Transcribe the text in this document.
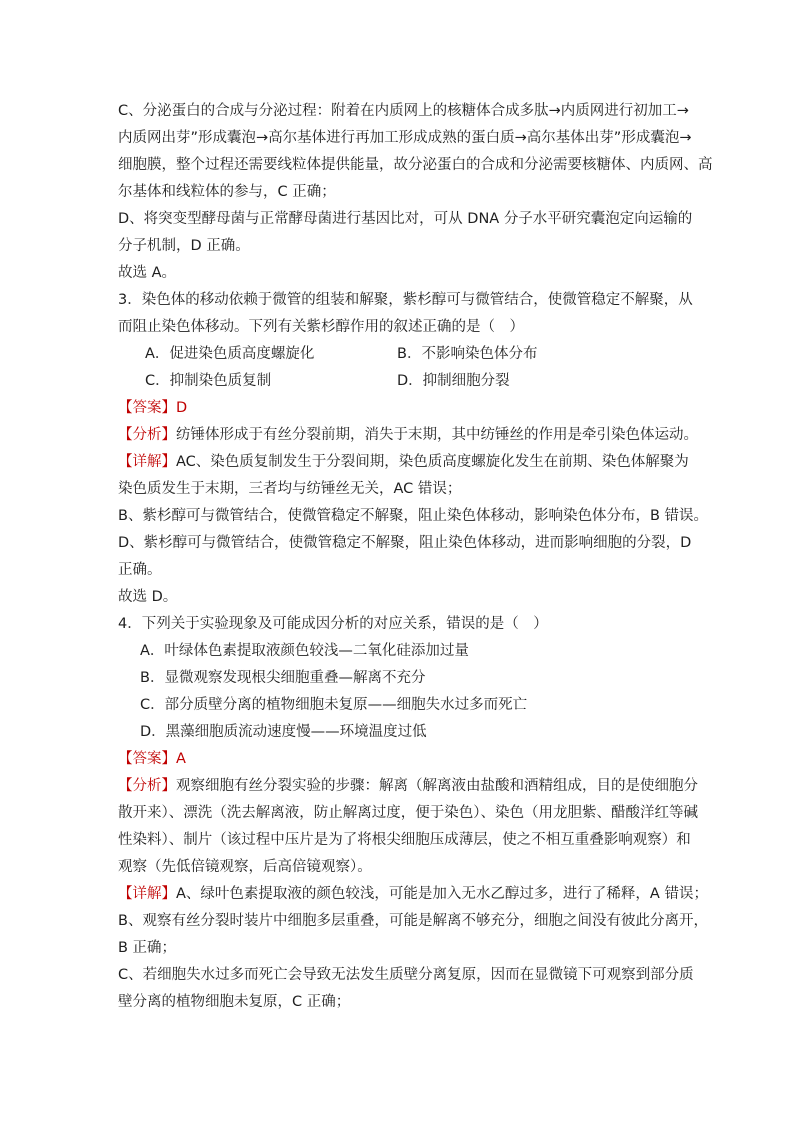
C、分泌蛋白的合成与分泌过程：附着在内质网上的核糖体合成多肽→内质网进行初加工→
内质网出芽”形成囊泡→高尔基体进行再加工形成成熟的蛋白质→高尔基体出芽”形成囊泡→
细胞膜，整个过程还需要线粒体提供能量，故分泌蛋白的合成和分泌需要核糖体、内质网、高
尔基体和线粒体的参与，C 正确；
D、将突变型酵母菌与正常酵母菌进行基因比对，可从 DNA 分子水平研究囊泡定向运输的
分子机制，D 正确。
故选 A。
3．染色体的移动依赖于微管的组装和解聚，紫杉醇可与微管结合，使微管稳定不解聚，从
而阻止染色体移动。下列有关紫杉醇作用的叙述正确的是（　）
A．促进染色质高度螺旋化	B．不影响染色体分布
C．抑制染色质复制	D．抑制细胞分裂
【答案】D
【分析】纺锤体形成于有丝分裂前期，消失于末期，其中纺锤丝的作用是牵引染色体运动。
【详解】AC、染色质复制发生于分裂间期，染色质高度螺旋化发生在前期、染色体解聚为
染色质发生于末期，三者均与纺锤丝无关，AC 错误；
B、紫杉醇可与微管结合，使微管稳定不解聚，阻止染色体移动，影响染色体分布，B 错误。
D、紫杉醇可与微管结合，使微管稳定不解聚，阻止染色体移动，进而影响细胞的分裂，D
正确。
故选 D。
4．下列关于实验现象及可能成因分析的对应关系，错误的是（　）
A．叶绿体色素提取液颜色较浅—二氧化硅添加过量
B．显微观察发现根尖细胞重叠—解离不充分
C．部分质壁分离的植物细胞未复原——细胞失水过多而死亡
D．黑藻细胞质流动速度慢——环境温度过低
【答案】A
【分析】观察细胞有丝分裂实验的步骤：解离（解离液由盐酸和酒精组成，目的是使细胞分
散开来）、漂洗（洗去解离液，防止解离过度，便于染色）、染色（用龙胆紫、醋酸洋红等碱
性染料）、制片（该过程中压片是为了将根尖细胞压成薄层，使之不相互重叠影响观察）和
观察（先低倍镜观察，后高倍镜观察）。
【详解】A、绿叶色素提取液的颜色较浅，可能是加入无水乙醇过多，进行了稀释，A 错误；
B、观察有丝分裂时装片中细胞多层重叠，可能是解离不够充分，细胞之间没有彼此分离开，
B 正确；
C、若细胞失水过多而死亡会导致无法发生质壁分离复原，因而在显微镜下可观察到部分质
壁分离的植物细胞未复原，C 正确；
